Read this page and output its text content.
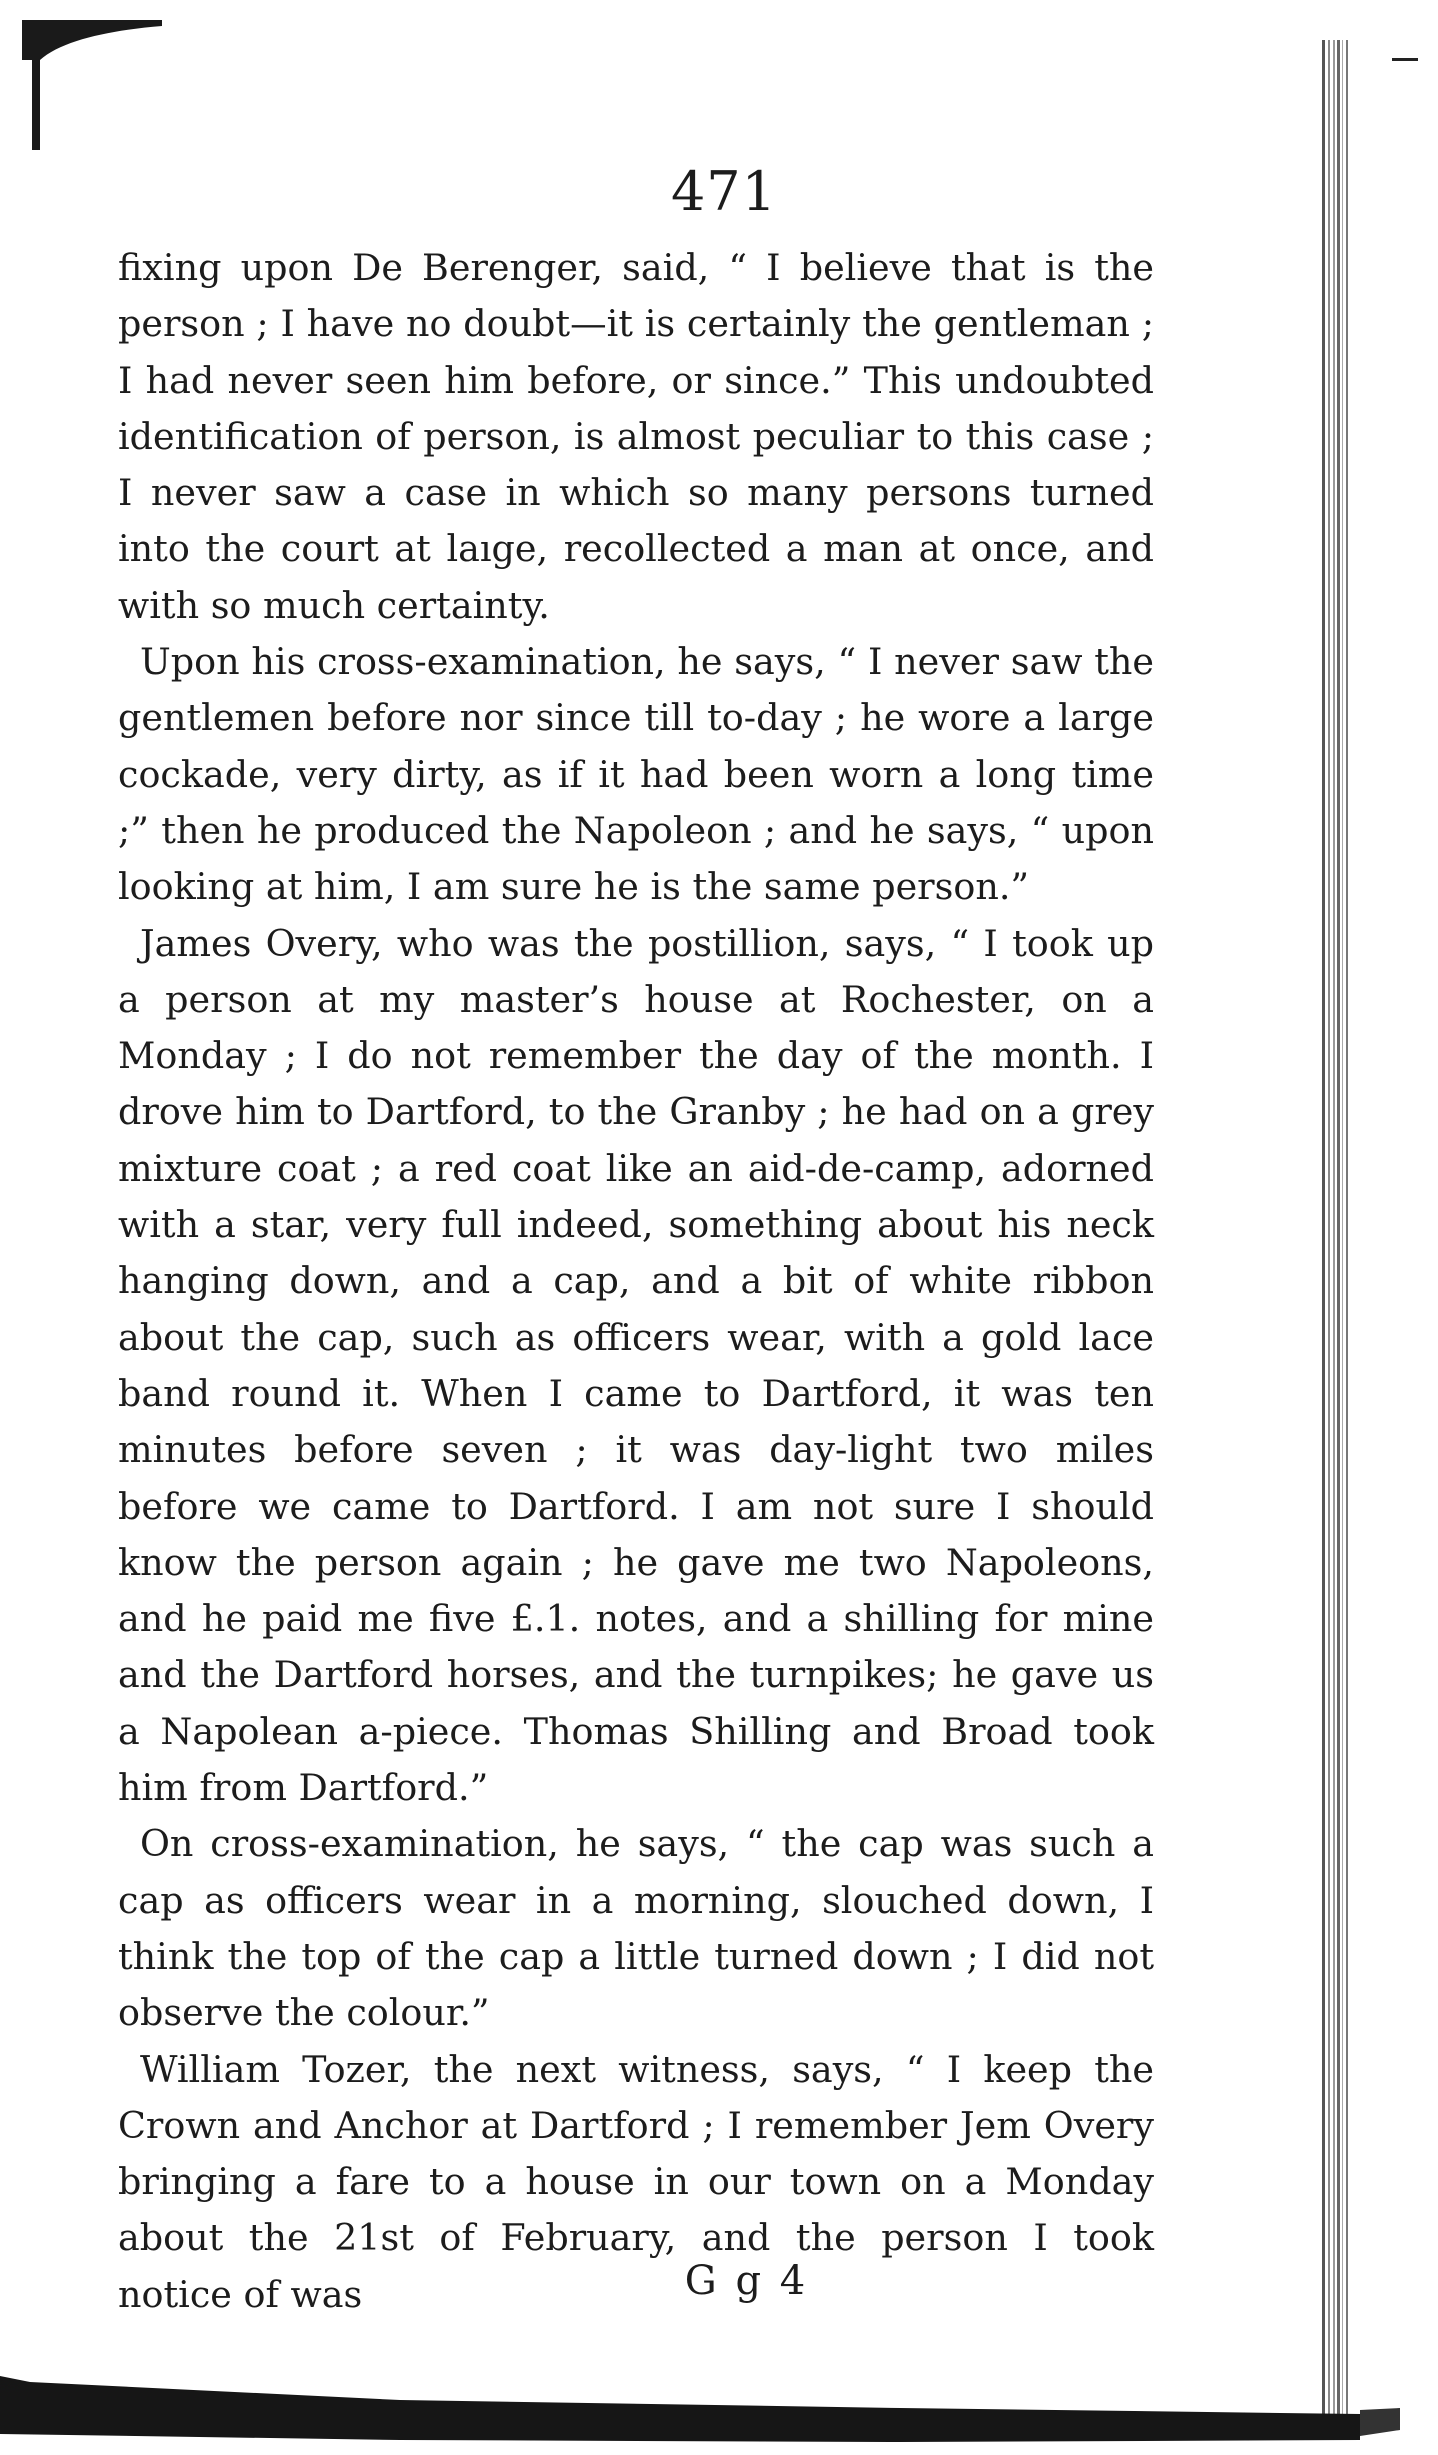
471

fixing upon De Berenger, said, “ I believe that is the person ; I have no doubt—it is certainly the gentleman ; I had never seen him before, or since.” This undoubted identification of person, is almost peculiar to this case ; I never saw a case in which so many persons turned into the court at laıge, recollected a man at once, and with so much certainty.

Upon his cross-examination, he says, “ I never saw the gentlemen before nor since till to-day ; he wore a large cockade, very dirty, as if it had been worn a long time ;” then he produced the Napoleon ; and he says, “ upon looking at him, I am sure he is the same person.”

James Overy, who was the postillion, says, “ I took up a person at my master’s house at Rochester, on a Monday ; I do not remember the day of the month. I drove him to Dartford, to the Granby ; he had on a grey mixture coat ; a red coat like an aid-de-camp, adorned with a star, very full indeed, something about his neck hanging down, and a cap, and a bit of white ribbon about the cap, such as officers wear, with a gold lace band round it. When I came to Dartford, it was ten minutes before seven ; it was day-light two miles before we came to Dartford. I am not sure I should know the person again ; he gave me two Napoleons, and he paid me five £.1. notes, and a shilling for mine and the Dartford horses, and the turnpikes; he gave us a Napolean a-piece. Thomas Shilling and Broad took him from Dartford.”

On cross-examination, he says, “ the cap was such a cap as officers wear in a morning, slouched down, I think the top of the cap a little turned down ; I did not observe the colour.”

William Tozer, the next witness, says, “ I keep the Crown and Anchor at Dartford ; I remember Jem Overy bringing a fare to a house in our town on a Monday about the 21st of February, and the person I took notice of was	G g 4
